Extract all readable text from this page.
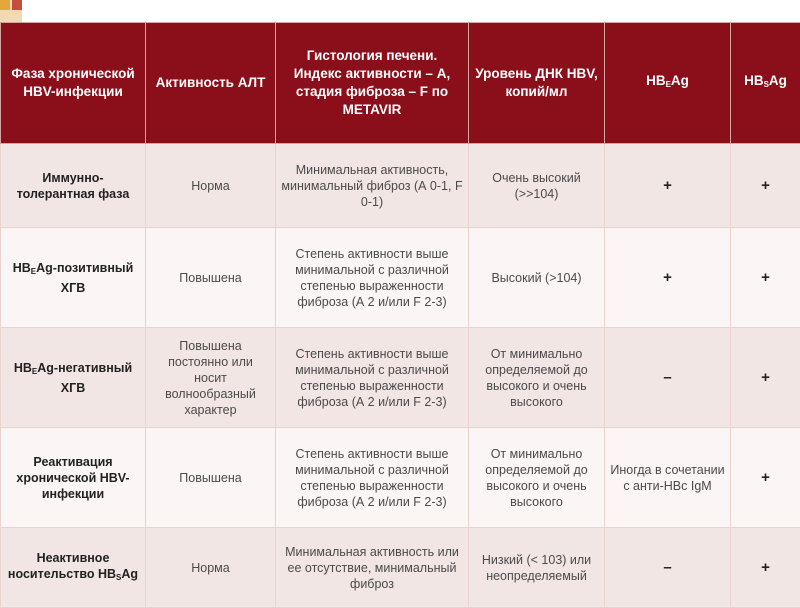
Фаза хронической HBV-инфекции	Активность АЛТ	Гистология печени. Индекс активности – А, стадия фиброза – F по METAVIR	Уровень ДНК HBV, копий/мл	$HB_EAg$	$HB_SAg$
Иммунно-толерантная фаза	Норма	Минимальная активность, минимальный фиброз (А 0-1, F 0-1)	Очень высокий (>>104)	+	+
$HB_EAg$-позитивный ХГВ	Повышена	Степень активности выше минимальной с различной степенью выраженности фиброза (А 2 и/или F 2-3)	Высокий (>104)	+	+
$HB_EAg$-негативный ХГВ	Повышена постоянно или носит волнообразный характер	Степень активности выше минимальной с различной степенью выраженности фиброза (А 2 и/или F 2-3)	От минимально определяемой до высокого и очень высокого	–	+
Реактивация хронической HBV-инфекции	Повышена	Степень активности выше минимальной с различной степенью выраженности фиброза (А 2 и/или F 2-3)	От минимально определяемой до высокого и очень высокого	Иногда в сочетании с анти-HBc IgM	+
Неактивное носительство $HB_SAg$	Норма	Минимальная активность или ее отсутствие, минимальный фиброз	Низкий (< 103) или неопределяемый	–	+
